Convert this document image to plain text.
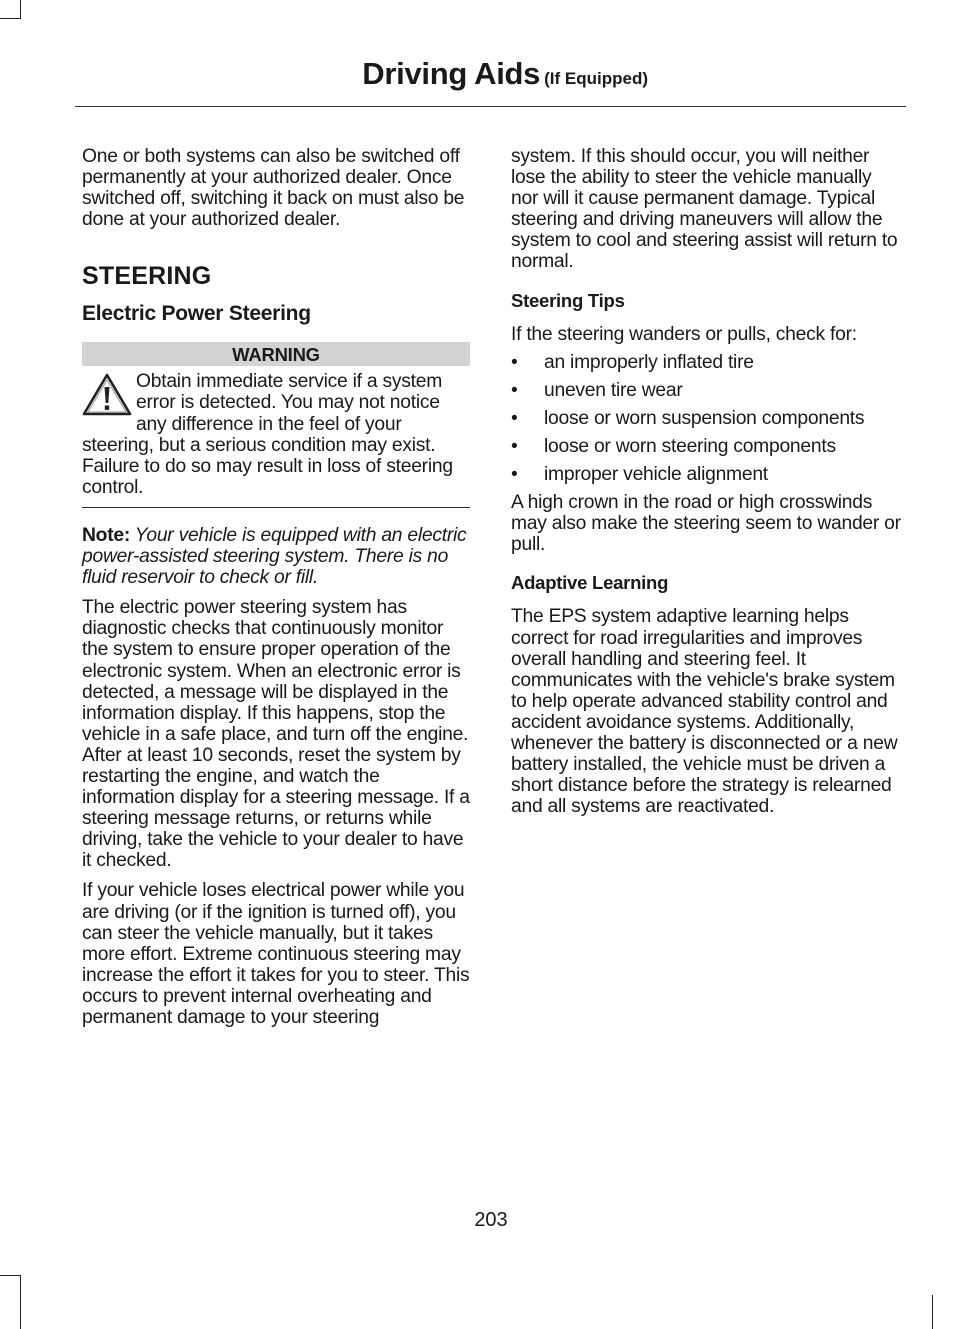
Driving Aids (If Equipped)

One or both systems can also be switched off permanently at your authorized dealer. Once switched off, switching it back on must also be done at your authorized dealer.

STEERING
Electric Power Steering
WARNING

Obtain immediate service if a system error is detected. You may not notice any difference in the feel of your steering, but a serious condition may exist. Failure to do so may result in loss of steering control.

Note: Your vehicle is equipped with an electric power-assisted steering system. There is no fluid reservoir to check or fill.

The electric power steering system has diagnostic checks that continuously monitor the system to ensure proper operation of the electronic system. When an electronic error is detected, a message will be displayed in the information display. If this happens, stop the vehicle in a safe place, and turn off the engine. After at least 10 seconds, reset the system by restarting the engine, and watch the information display for a steering message. If a steering message returns, or returns while driving, take the vehicle to your dealer to have it checked.

If your vehicle loses electrical power while you are driving (or if the ignition is turned off), you can steer the vehicle manually, but it takes more effort. Extreme continuous steering may increase the effort it takes for you to steer. This occurs to prevent internal overheating and permanent damage to your steering

system. If this should occur, you will neither lose the ability to steer the vehicle manually nor will it cause permanent damage. Typical steering and driving maneuvers will allow the system to cool and steering assist will return to normal.

Steering Tips

If the steering wanders or pulls, check for:

• an improperly inflated tire
• uneven tire wear
• loose or worn suspension components
• loose or worn steering components
• improper vehicle alignment

A high crown in the road or high crosswinds may also make the steering seem to wander or pull.

Adaptive Learning

The EPS system adaptive learning helps correct for road irregularities and improves overall handling and steering feel. It communicates with the vehicle's brake system to help operate advanced stability control and accident avoidance systems. Additionally, whenever the battery is disconnected or a new battery installed, the vehicle must be driven a short distance before the strategy is relearned and all systems are reactivated.

203
